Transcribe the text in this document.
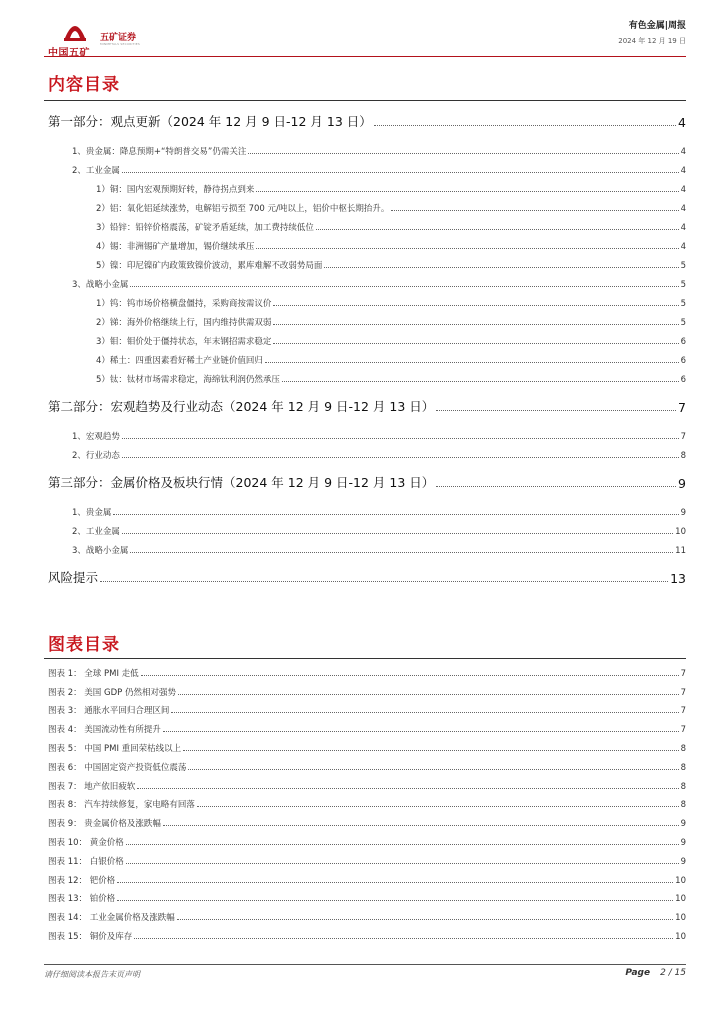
中国五矿
五矿证券
MINMETALS SECURITIES
有色金属|周报
2024 年 12 月 19 日
内容目录
第一部分：观点更新（2024 年 12 月 9 日-12 月 13 日）	4
1、贵金属：降息预期+“特朗普交易”仍需关注	4
2、工业金属	4
1）铜：国内宏观预期好转，静待拐点到来	4
2）铝：氧化铝延续涨势，电解铝亏损至 700 元/吨以上，铝价中枢长期抬升。	4
3）铅锌：铅锌价格震荡，矿锭矛盾延续，加工费持续低位	4
4）锡：非洲锡矿产量增加，锡价继续承压	4
5）镍：印尼镍矿内政策致镍价波动，累库难解不改弱势局面	5
3、战略小金属	5
1）钨：钨市场价格横盘僵持，采购商按需议价	5
2）锑：海外价格继续上行，国内维持供需双弱	5
3）钼：钼价处于僵持状态，年末钢招需求稳定	6
4）稀土：四重因素看好稀土产业链价值回归	6
5）钛：钛材市场需求稳定，海绵钛利润仍然承压	6
第二部分：宏观趋势及行业动态（2024 年 12 月 9 日-12 月 13 日）	7
1、宏观趋势	7
2、行业动态	8
第三部分：金属价格及板块行情（2024 年 12 月 9 日-12 月 13 日）	9
1、贵金属	9
2、工业金属	10
3、战略小金属	11
风险提示	13
图表目录
图表 1： 全球 PMI 走低	7
图表 2： 美国 GDP 仍然相对强势	7
图表 3： 通胀水平回归合理区间	7
图表 4： 美国流动性有所提升	7
图表 5： 中国 PMI 重回荣枯线以上	8
图表 6： 中国固定资产投资低位震荡	8
图表 7： 地产依旧疲软	8
图表 8： 汽车持续修复，家电略有回落	8
图表 9： 贵金属价格及涨跌幅	9
图表 10： 黄金价格	9
图表 11： 白银价格	9
图表 12： 钯价格	10
图表 13： 铂价格	10
图表 14： 工业金属价格及涨跌幅	10
图表 15： 铜价及库存	10
请仔细阅读本报告末页声明	Page 2 / 15
